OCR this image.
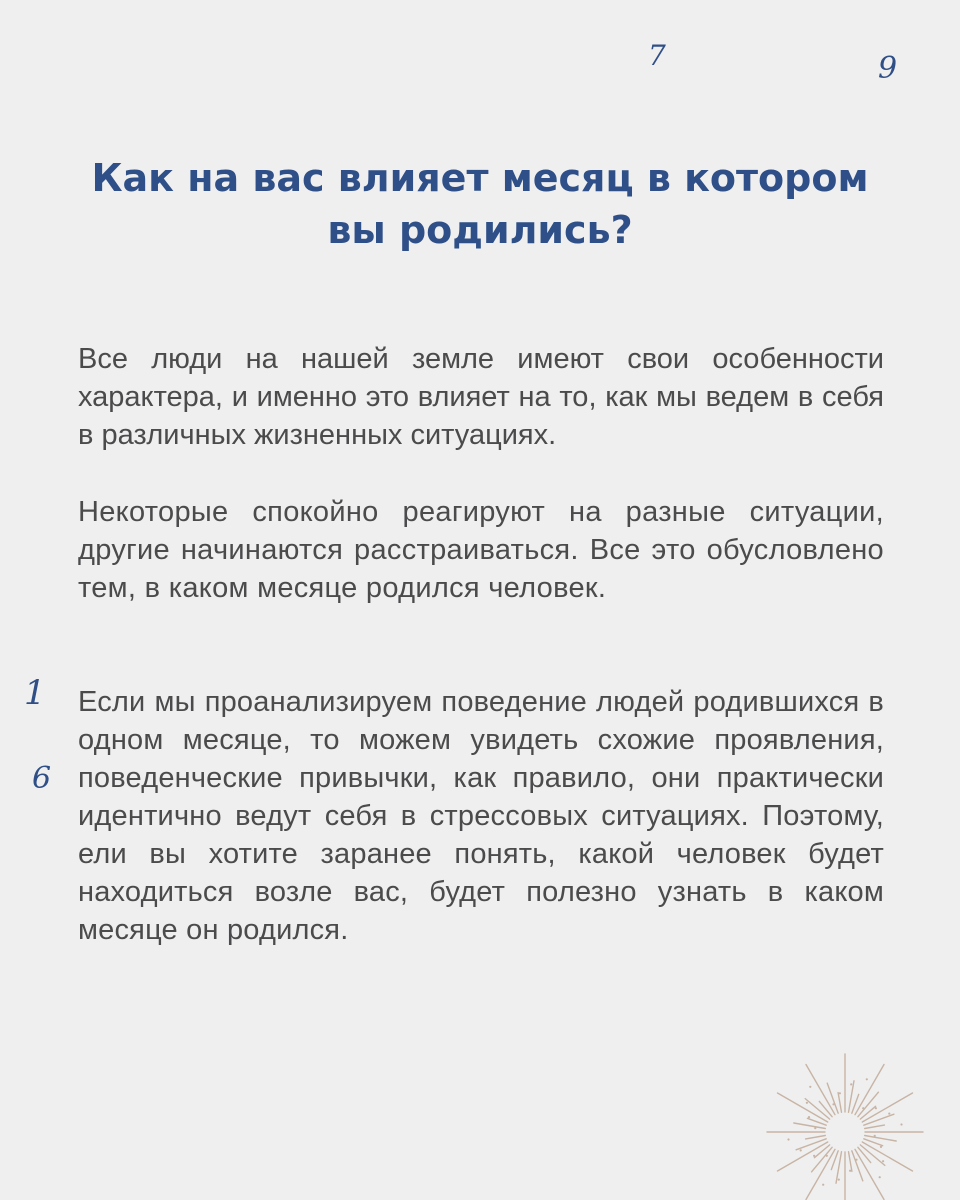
7	9
1
6
Как на вас влияет месяц в котором вы родились?

Все люди на нашей земле имеют свои особенности характера, и именно это влияет на то, как мы ведем в себя в различных жизненных ситуациях.

Некоторые спокойно реагируют на разные ситуации, другие начинаются расстраиваться. Все это обусловлено тем, в каком месяце родился человек.

Если мы проанализируем поведение людей родившихся в одном месяце, то можем увидеть схожие проявления, поведенческие привычки, как правило, они практически идентично ведут себя в стрессовых ситуациях. Поэтому, ели вы хотите заранее понять, какой человек будет находиться возле вас, будет полезно узнать в каком месяце он родился.
